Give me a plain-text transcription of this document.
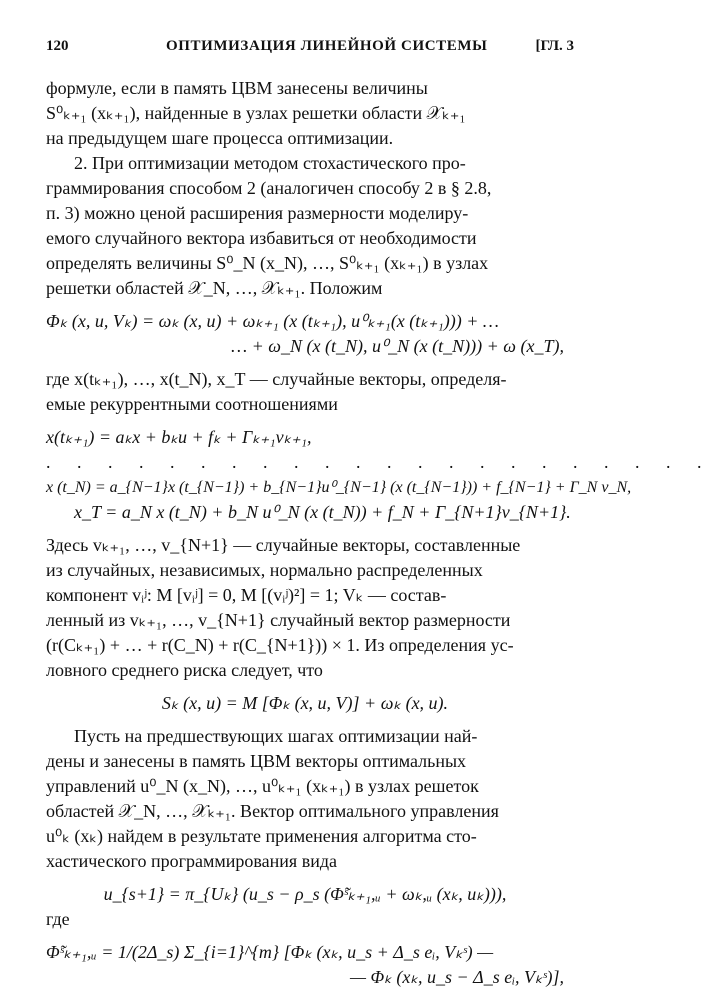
120	ОПТИМИЗАЦИЯ ЛИНЕЙНОЙ СИСТЕМЫ	[ГЛ. 3
формуле, если в память ЦВМ занесены величины
S⁰ₖ₊₁ (xₖ₊₁), найденные в узлах решетки области 𝒳ₖ₊₁
на предыдущем шаге процесса оптимизации.
2. При оптимизации методом стохастического про-
граммирования способом 2 (аналогичен способу 2 в § 2.8,
п. 3) можно ценой расширения размерности моделиру-
емого случайного вектора избавиться от необходимости
определять величины S⁰_N (x_N), …, S⁰ₖ₊₁ (xₖ₊₁) в узлах
решетки областей 𝒳_N, …, 𝒳ₖ₊₁. Положим
Φₖ (x, u, Vₖ) = ωₖ (x, u) + ωₖ₊₁ (x (tₖ₊₁), u⁰ₖ₊₁(x (tₖ₊₁))) + …
… + ω_N (x (t_N), u⁰_N (x (t_N))) + ω (x_T),
где x(tₖ₊₁), …, x(t_N), x_T — случайные векторы, определя-
емые рекуррентными соотношениями
x(tₖ₊₁) = aₖx + bₖu + fₖ + Γₖ₊₁vₖ₊₁,
. . . . . . . . . . . . . . . . . . . . . .
x (t_N) = a_{N−1}x (t_{N−1}) + b_{N−1}u⁰_{N−1} (x (t_{N−1})) + f_{N−1} + Γ_N v_N,
x_T = a_N x (t_N) + b_N u⁰_N (x (t_N)) + f_N + Γ_{N+1}v_{N+1}.
Здесь vₖ₊₁, …, v_{N+1} — случайные векторы, составленные
из случайных, независимых, нормально распределенных
компонент vᵢʲ: M [vᵢʲ] = 0, M [(vᵢʲ)²] = 1; Vₖ — состав-
ленный из vₖ₊₁, …, v_{N+1} случайный вектор размерности
(r(Cₖ₊₁) + … + r(C_N) + r(C_{N+1})) × 1. Из определения ус-
ловного среднего риска следует, что
Sₖ (x, u) = M [Φₖ (x, u, V)] + ωₖ (x, u).
Пусть на предшествующих шагах оптимизации най-
дены и занесены в память ЦВМ векторы оптимальных
управлений u⁰_N (x_N), …, u⁰ₖ₊₁ (xₖ₊₁) в узлах решеток
областей 𝒳_N, …, 𝒳ₖ₊₁. Вектор оптимального управления
u⁰ₖ (xₖ) найдем в результате применения алгоритма сто-
хастического программирования вида
u_{s+1} = π_{Uₖ} (u_s − ρ_s (Φ̃ˢₖ₊₁,ᵤ + ωₖ,ᵤ (xₖ, uₖ))),
где
Φ̃ˢₖ₊₁,ᵤ = 1/(2Δ_s) Σ_{i=1}^{m} [Φₖ (xₖ, u_s + Δ_s eᵢ, Vₖˢ) —
— Φₖ (xₖ, u_s − Δ_s eᵢ, Vₖˢ)],
